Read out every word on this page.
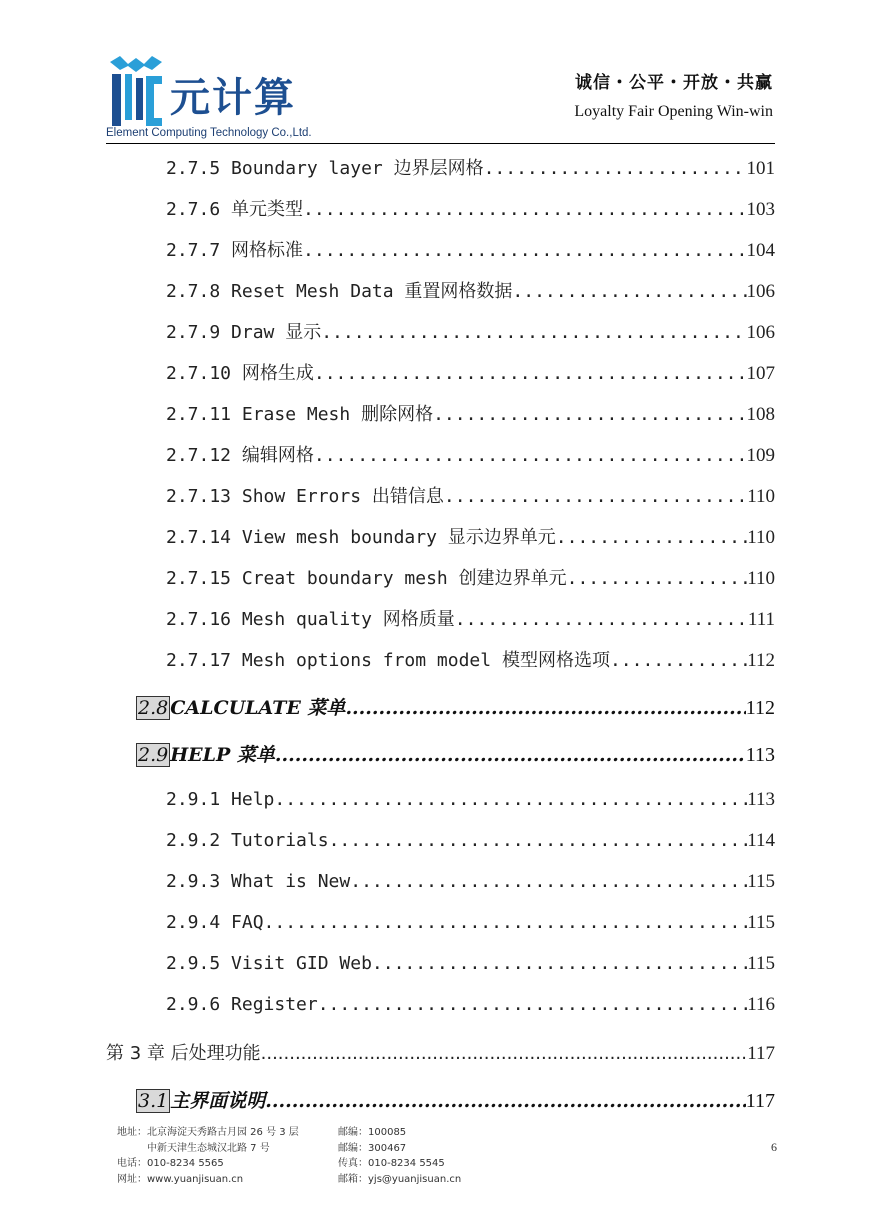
元计算
Element Computing Technology Co.,Ltd.
诚信・公平・开放・共赢
Loyalty Fair Opening Win-win
2.7.5 Boundary layer 边界层网格 .....	101
2.7.6 单元类型 .....	103
2.7.7 网格标准 .....	104
2.7.8 Reset Mesh Data 重置网格数据 .....	106
2.7.9 Draw 显示 .....	106
2.7.10 网格生成 .....	107
2.7.11 Erase Mesh 删除网格 .....	108
2.7.12 编辑网格 .....	109
2.7.13 Show Errors 出错信息 .....	110
2.7.14 View mesh boundary 显示边界单元 .....	110
2.7.15 Creat boundary mesh 创建边界单元 .....	110
2.7.16 Mesh quality 网格质量 .....	111
2.7.17 Mesh options from model 模型网格选项 .....	112
2.8 CALCULATE 菜单 .....	112
2.9 HELP 菜单 .....	113
2.9.1 Help .....	113
2.9.2 Tutorials .....	114
2.9.3 What is New .....	115
2.9.4 FAQ .....	115
2.9.5 Visit GID Web .....	115
2.9.6 Register .....	116
第 3 章 后处理功能 .....	117
3.1 主界面说明 .....	117
地址：北京海淀天秀路古月园 26 号 3 层
　　　中新天津生态城汉北路 7 号
电话：010-8234 5565
网址：www.yuanjisuan.cn
邮编：100085
邮编：300467
传真：010-8234 5545
邮箱：yjs@yuanjisuan.cn
6
